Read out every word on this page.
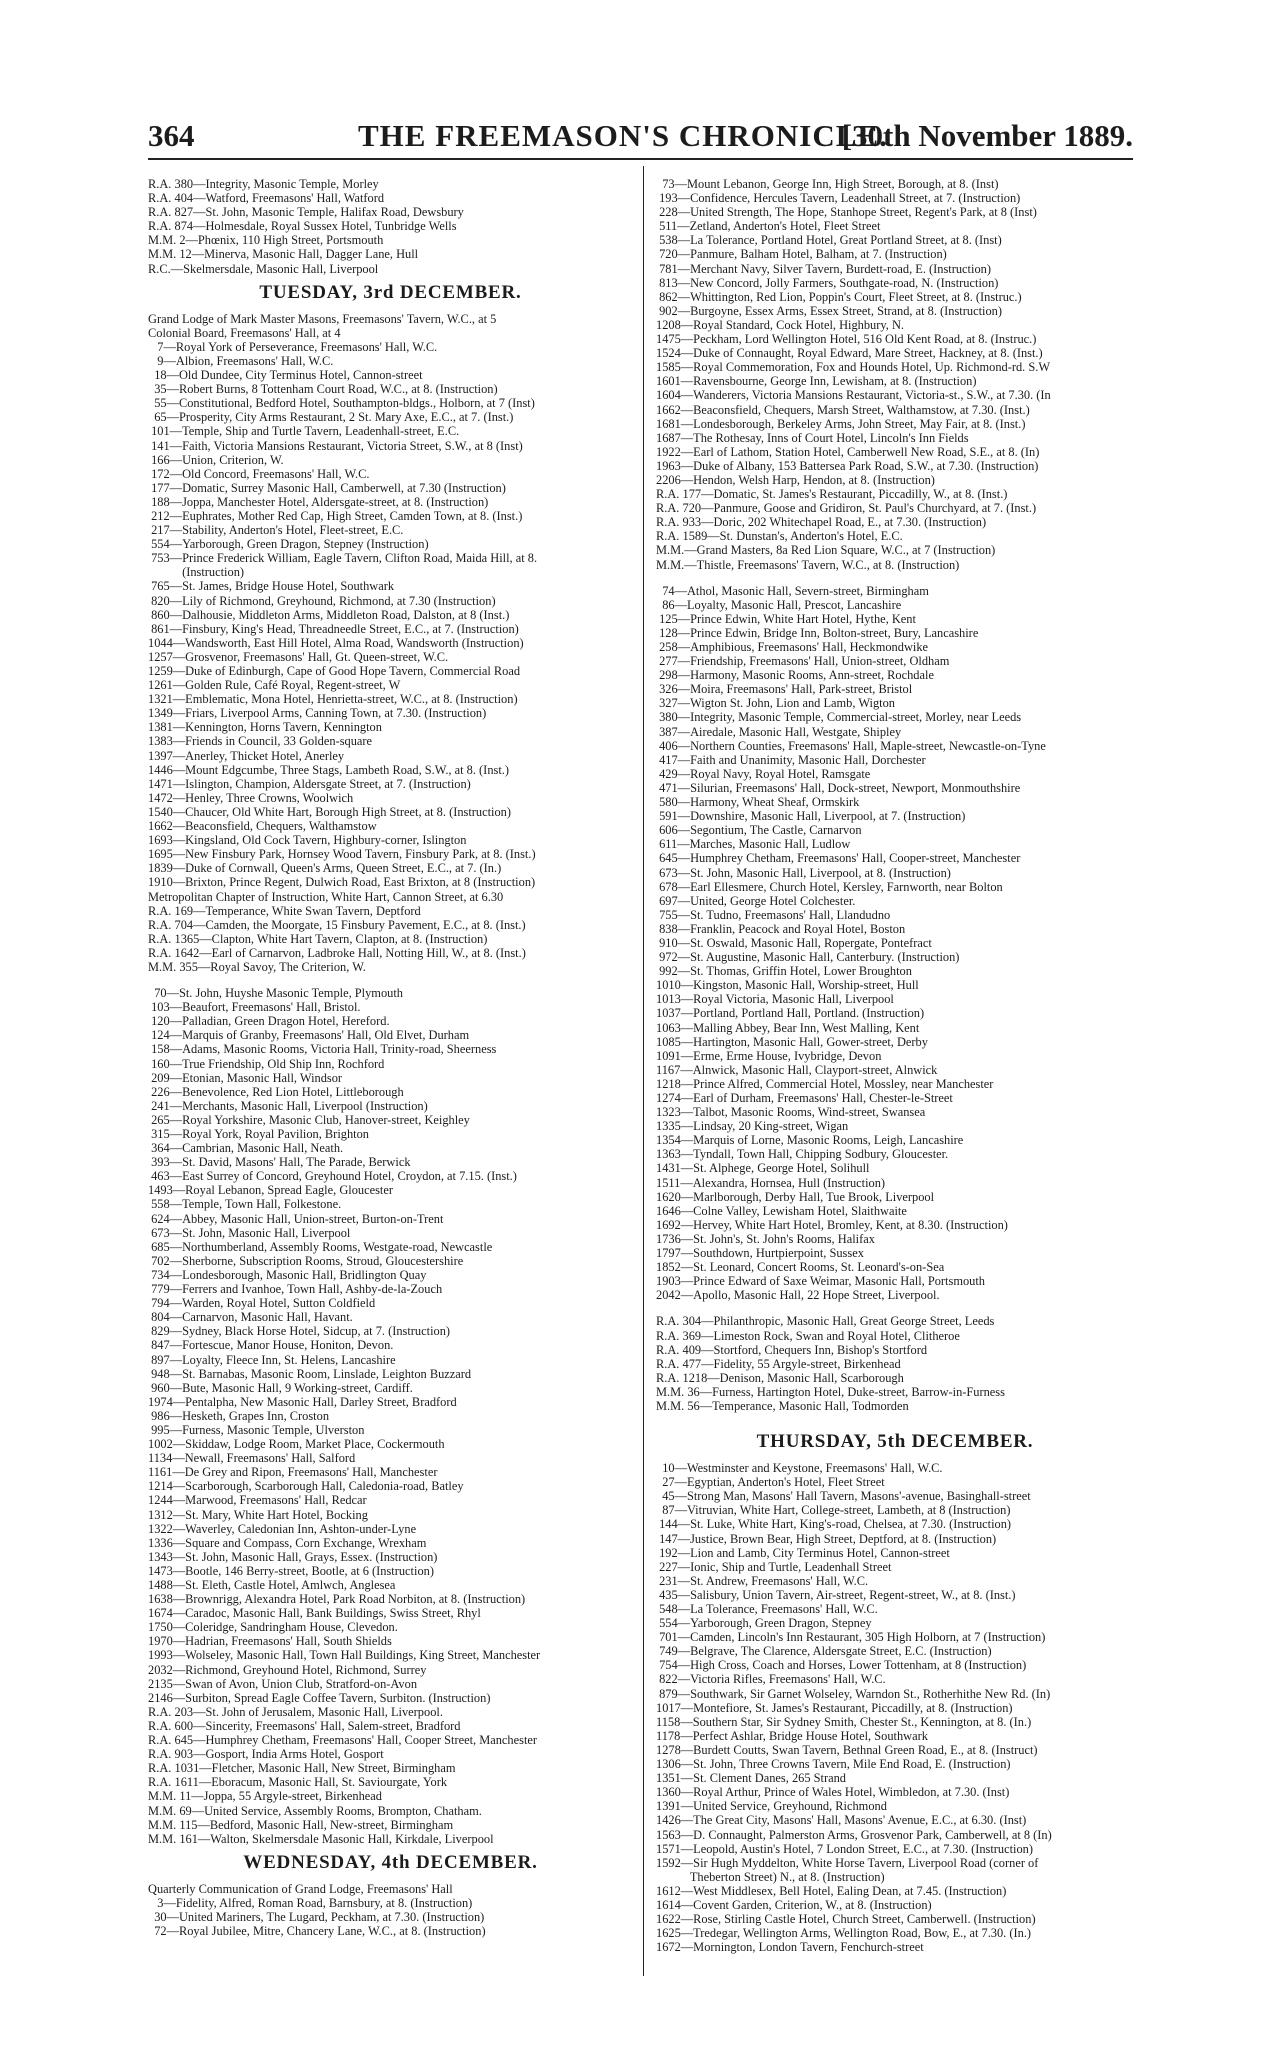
364	THE FREEMASON'S CHRONICLE.
[30th November 1889.
R.A. 380—Integrity, Masonic Temple, Morley
R.A. 404—Watford, Freemasons' Hall, Watford
R.A. 827—St. John, Masonic Temple, Halifax Road, Dewsbury
R.A. 874—Holmesdale, Royal Sussex Hotel, Tunbridge Wells
M.M. 2—Phœnix, 110 High Street, Portsmouth
M.M. 12—Minerva, Masonic Hall, Dagger Lane, Hull
R.C.—Skelmersdale, Masonic Hall, Liverpool
TUESDAY, 3rd DECEMBER.
Grand Lodge of Mark Master Masons, Freemasons' Tavern, W.C., at 5
Colonial Board, Freemasons' Hall, at 4
7—Royal York of Perseverance, Freemasons' Hall, W.C.
9—Albion, Freemasons' Hall, W.C.
18—Old Dundee, City Terminus Hotel, Cannon-street
35—Robert Burns, 8 Tottenham Court Road, W.C., at 8. (Instruction)
55—Constitutional, Bedford Hotel, Southampton-bldgs., Holborn, at 7 (Inst)
65—Prosperity, City Arms Restaurant, 2 St. Mary Axe, E.C., at 7. (Inst.)
101—Temple, Ship and Turtle Tavern, Leadenhall-street, E.C.
141—Faith, Victoria Mansions Restaurant, Victoria Street, S.W., at 8 (Inst)
166—Union, Criterion, W.
172—Old Concord, Freemasons' Hall, W.C.
177—Domatic, Surrey Masonic Hall, Camberwell, at 7.30 (Instruction)
188—Joppa, Manchester Hotel, Aldersgate-street, at 8. (Instruction)
212—Euphrates, Mother Red Cap, High Street, Camden Town, at 8. (Inst.)
217—Stability, Anderton's Hotel, Fleet-street, E.C.
554—Yarborough, Green Dragon, Stepney (Instruction)
753—Prince Frederick William, Eagle Tavern, Clifton Road, Maida Hill, at 8.
(Instruction)
765—St. James, Bridge House Hotel, Southwark
820—Lily of Richmond, Greyhound, Richmond, at 7.30 (Instruction)
860—Dalhousie, Middleton Arms, Middleton Road, Dalston, at 8 (Inst.)
861—Finsbury, King's Head, Threadneedle Street, E.C., at 7. (Instruction)
1044—Wandsworth, East Hill Hotel, Alma Road, Wandsworth (Instruction)
1257—Grosvenor, Freemasons' Hall, Gt. Queen-street, W.C.
1259—Duke of Edinburgh, Cape of Good Hope Tavern, Commercial Road
1261—Golden Rule, Café Royal, Regent-street, W
1321—Emblematic, Mona Hotel, Henrietta-street, W.C., at 8. (Instruction)
1349—Friars, Liverpool Arms, Canning Town, at 7.30. (Instruction)
1381—Kennington, Horns Tavern, Kennington
1383—Friends in Council, 33 Golden-square
1397—Anerley, Thicket Hotel, Anerley
1446—Mount Edgcumbe, Three Stags, Lambeth Road, S.W., at 8. (Inst.)
1471—Islington, Champion, Aldersgate Street, at 7. (Instruction)
1472—Henley, Three Crowns, Woolwich
1540—Chaucer, Old White Hart, Borough High Street, at 8. (Instruction)
1662—Beaconsfield, Chequers, Walthamstow
1693—Kingsland, Old Cock Tavern, Highbury-corner, Islington
1695—New Finsbury Park, Hornsey Wood Tavern, Finsbury Park, at 8. (Inst.)
1839—Duke of Cornwall, Queen's Arms, Queen Street, E.C., at 7. (In.)
1910—Brixton, Prince Regent, Dulwich Road, East Brixton, at 8 (Instruction)
Metropolitan Chapter of Instruction, White Hart, Cannon Street, at 6.30
R.A. 169—Temperance, White Swan Tavern, Deptford
R.A. 704—Camden, the Moorgate, 15 Finsbury Pavement, E.C., at 8. (Inst.)
R.A. 1365—Clapton, White Hart Tavern, Clapton, at 8. (Instruction)
R.A. 1642—Earl of Carnarvon, Ladbroke Hall, Notting Hill, W., at 8. (Inst.)
M.M. 355—Royal Savoy, The Criterion, W.
70—St. John, Huyshe Masonic Temple, Plymouth
103—Beaufort, Freemasons' Hall, Bristol.
120—Palladian, Green Dragon Hotel, Hereford.
124—Marquis of Granby, Freemasons' Hall, Old Elvet, Durham
158—Adams, Masonic Rooms, Victoria Hall, Trinity-road, Sheerness
160—True Friendship, Old Ship Inn, Rochford
209—Etonian, Masonic Hall, Windsor
226—Benevolence, Red Lion Hotel, Littleborough
241—Merchants, Masonic Hall, Liverpool (Instruction)
265—Royal Yorkshire, Masonic Club, Hanover-street, Keighley
315—Royal York, Royal Pavilion, Brighton
364—Cambrian, Masonic Hall, Neath.
393—St. David, Masons' Hall, The Parade, Berwick
463—East Surrey of Concord, Greyhound Hotel, Croydon, at 7.15. (Inst.)
1493—Royal Lebanon, Spread Eagle, Gloucester
558—Temple, Town Hall, Folkestone.
624—Abbey, Masonic Hall, Union-street, Burton-on-Trent
673—St. John, Masonic Hall, Liverpool
685—Northumberland, Assembly Rooms, Westgate-road, Newcastle
702—Sherborne, Subscription Rooms, Stroud, Gloucestershire
734—Londesborough, Masonic Hall, Bridlington Quay
779—Ferrers and Ivanhoe, Town Hall, Ashby-de-la-Zouch
794—Warden, Royal Hotel, Sutton Coldfield
804—Carnarvon, Masonic Hall, Havant.
829—Sydney, Black Horse Hotel, Sidcup, at 7. (Instruction)
847—Fortescue, Manor House, Honiton, Devon.
897—Loyalty, Fleece Inn, St. Helens, Lancashire
948—St. Barnabas, Masonic Room, Linslade, Leighton Buzzard
960—Bute, Masonic Hall, 9 Working-street, Cardiff.
1974—Pentalpha, New Masonic Hall, Darley Street, Bradford
986—Hesketh, Grapes Inn, Croston
995—Furness, Masonic Temple, Ulverston
1002—Skiddaw, Lodge Room, Market Place, Cockermouth
1134—Newall, Freemasons' Hall, Salford
1161—De Grey and Ripon, Freemasons' Hall, Manchester
1214—Scarborough, Scarborough Hall, Caledonia-road, Batley
1244—Marwood, Freemasons' Hall, Redcar
1312—St. Mary, White Hart Hotel, Bocking
1322—Waverley, Caledonian Inn, Ashton-under-Lyne
1336—Square and Compass, Corn Exchange, Wrexham
1343—St. John, Masonic Hall, Grays, Essex. (Instruction)
1473—Bootle, 146 Berry-street, Bootle, at 6 (Instruction)
1488—St. Eleth, Castle Hotel, Amlwch, Anglesea
1638—Brownrigg, Alexandra Hotel, Park Road Norbiton, at 8. (Instruction)
1674—Caradoc, Masonic Hall, Bank Buildings, Swiss Street, Rhyl
1750—Coleridge, Sandringham House, Clevedon.
1970—Hadrian, Freemasons' Hall, South Shields
1993—Wolseley, Masonic Hall, Town Hall Buildings, King Street, Manchester
2032—Richmond, Greyhound Hotel, Richmond, Surrey
2135—Swan of Avon, Union Club, Stratford-on-Avon
2146—Surbiton, Spread Eagle Coffee Tavern, Surbiton. (Instruction)
R.A. 203—St. John of Jerusalem, Masonic Hall, Liverpool.
R.A. 600—Sincerity, Freemasons' Hall, Salem-street, Bradford
R.A. 645—Humphrey Chetham, Freemasons' Hall, Cooper Street, Manchester
R.A. 903—Gosport, India Arms Hotel, Gosport
R.A. 1031—Fletcher, Masonic Hall, New Street, Birmingham
R.A. 1611—Eboracum, Masonic Hall, St. Saviourgate, York
M.M. 11—Joppa, 55 Argyle-street, Birkenhead
M.M. 69—United Service, Assembly Rooms, Brompton, Chatham.
M.M. 115—Bedford, Masonic Hall, New-street, Birmingham
M.M. 161—Walton, Skelmersdale Masonic Hall, Kirkdale, Liverpool
WEDNESDAY, 4th DECEMBER.
Quarterly Communication of Grand Lodge, Freemasons' Hall
3—Fidelity, Alfred, Roman Road, Barnsbury, at 8. (Instruction)
30—United Mariners, The Lugard, Peckham, at 7.30. (Instruction)
72—Royal Jubilee, Mitre, Chancery Lane, W.C., at 8. (Instruction)
73—Mount Lebanon, George Inn, High Street, Borough, at 8. (Inst)
193—Confidence, Hercules Tavern, Leadenhall Street, at 7. (Instruction)
228—United Strength, The Hope, Stanhope Street, Regent's Park, at 8 (Inst)
511—Zetland, Anderton's Hotel, Fleet Street
538—La Tolerance, Portland Hotel, Great Portland Street, at 8. (Inst)
720—Panmure, Balham Hotel, Balham, at 7. (Instruction)
781—Merchant Navy, Silver Tavern, Burdett-road, E. (Instruction)
813—New Concord, Jolly Farmers, Southgate-road, N. (Instruction)
862—Whittington, Red Lion, Poppin's Court, Fleet Street, at 8. (Instruc.)
902—Burgoyne, Essex Arms, Essex Street, Strand, at 8. (Instruction)
1208—Royal Standard, Cock Hotel, Highbury, N.
1475—Peckham, Lord Wellington Hotel, 516 Old Kent Road, at 8. (Instruc.)
1524—Duke of Connaught, Royal Edward, Mare Street, Hackney, at 8. (Inst.)
1585—Royal Commemoration, Fox and Hounds Hotel, Up. Richmond-rd. S.W
1601—Ravensbourne, George Inn, Lewisham, at 8. (Instruction)
1604—Wanderers, Victoria Mansions Restaurant, Victoria-st., S.W., at 7.30. (In
1662—Beaconsfield, Chequers, Marsh Street, Walthamstow, at 7.30. (Inst.)
1681—Londesborough, Berkeley Arms, John Street, May Fair, at 8. (Inst.)
1687—The Rothesay, Inns of Court Hotel, Lincoln's Inn Fields
1922—Earl of Lathom, Station Hotel, Camberwell New Road, S.E., at 8. (In)
1963—Duke of Albany, 153 Battersea Park Road, S.W., at 7.30. (Instruction)
2206—Hendon, Welsh Harp, Hendon, at 8. (Instruction)
R.A. 177—Domatic, St. James's Restaurant, Piccadilly, W., at 8. (Inst.)
R.A. 720—Panmure, Goose and Gridiron, St. Paul's Churchyard, at 7. (Inst.)
R.A. 933—Doric, 202 Whitechapel Road, E., at 7.30. (Instruction)
R.A. 1589—St. Dunstan's, Anderton's Hotel, E.C.
M.M.—Grand Masters, 8a Red Lion Square, W.C., at 7 (Instruction)
M.M.—Thistle, Freemasons' Tavern, W.C., at 8. (Instruction)
74—Athol, Masonic Hall, Severn-street, Birmingham
86—Loyalty, Masonic Hall, Prescot, Lancashire
125—Prince Edwin, White Hart Hotel, Hythe, Kent
128—Prince Edwin, Bridge Inn, Bolton-street, Bury, Lancashire
258—Amphibious, Freemasons' Hall, Heckmondwike
277—Friendship, Freemasons' Hall, Union-street, Oldham
298—Harmony, Masonic Rooms, Ann-street, Rochdale
326—Moira, Freemasons' Hall, Park-street, Bristol
327—Wigton St. John, Lion and Lamb, Wigton
380—Integrity, Masonic Temple, Commercial-street, Morley, near Leeds
387—Airedale, Masonic Hall, Westgate, Shipley
406—Northern Counties, Freemasons' Hall, Maple-street, Newcastle-on-Tyne
417—Faith and Unanimity, Masonic Hall, Dorchester
429—Royal Navy, Royal Hotel, Ramsgate
471—Silurian, Freemasons' Hall, Dock-street, Newport, Monmouthshire
580—Harmony, Wheat Sheaf, Ormskirk
591—Downshire, Masonic Hall, Liverpool, at 7. (Instruction)
606—Segontium, The Castle, Carnarvon
611—Marches, Masonic Hall, Ludlow
645—Humphrey Chetham, Freemasons' Hall, Cooper-street, Manchester
673—St. John, Masonic Hall, Liverpool, at 8. (Instruction)
678—Earl Ellesmere, Church Hotel, Kersley, Farnworth, near Bolton
697—United, George Hotel Colchester.
755—St. Tudno, Freemasons' Hall, Llandudno
838—Franklin, Peacock and Royal Hotel, Boston
910—St. Oswald, Masonic Hall, Ropergate, Pontefract
972—St. Augustine, Masonic Hall, Canterbury. (Instruction)
992—St. Thomas, Griffin Hotel, Lower Broughton
1010—Kingston, Masonic Hall, Worship-street, Hull
1013—Royal Victoria, Masonic Hall, Liverpool
1037—Portland, Portland Hall, Portland. (Instruction)
1063—Malling Abbey, Bear Inn, West Malling, Kent
1085—Hartington, Masonic Hall, Gower-street, Derby
1091—Erme, Erme House, Ivybridge, Devon
1167—Alnwick, Masonic Hall, Clayport-street, Alnwick
1218—Prince Alfred, Commercial Hotel, Mossley, near Manchester
1274—Earl of Durham, Freemasons' Hall, Chester-le-Street
1323—Talbot, Masonic Rooms, Wind-street, Swansea
1335—Lindsay, 20 King-street, Wigan
1354—Marquis of Lorne, Masonic Rooms, Leigh, Lancashire
1363—Tyndall, Town Hall, Chipping Sodbury, Gloucester.
1431—St. Alphege, George Hotel, Solihull
1511—Alexandra, Hornsea, Hull (Instruction)
1620—Marlborough, Derby Hall, Tue Brook, Liverpool
1646—Colne Valley, Lewisham Hotel, Slaithwaite
1692—Hervey, White Hart Hotel, Bromley, Kent, at 8.30. (Instruction)
1736—St. John's, St. John's Rooms, Halifax
1797—Southdown, Hurtpierpoint, Sussex
1852—St. Leonard, Concert Rooms, St. Leonard's-on-Sea
1903—Prince Edward of Saxe Weimar, Masonic Hall, Portsmouth
2042—Apollo, Masonic Hall, 22 Hope Street, Liverpool.
R.A. 304—Philanthropic, Masonic Hall, Great George Street, Leeds
R.A. 369—Limeston Rock, Swan and Royal Hotel, Clitheroe
R.A. 409—Stortford, Chequers Inn, Bishop's Stortford
R.A. 477—Fidelity, 55 Argyle-street, Birkenhead
R.A. 1218—Denison, Masonic Hall, Scarborough
M.M. 36—Furness, Hartington Hotel, Duke-street, Barrow-in-Furness
M.M. 56—Temperance, Masonic Hall, Todmorden
THURSDAY, 5th DECEMBER.
10—Westminster and Keystone, Freemasons' Hall, W.C.
27—Egyptian, Anderton's Hotel, Fleet Street
45—Strong Man, Masons' Hall Tavern, Masons'-avenue, Basinghall-street
87—Vitruvian, White Hart, College-street, Lambeth, at 8 (Instruction)
144—St. Luke, White Hart, King's-road, Chelsea, at 7.30. (Instruction)
147—Justice, Brown Bear, High Street, Deptford, at 8. (Instruction)
192—Lion and Lamb, City Terminus Hotel, Cannon-street
227—Ionic, Ship and Turtle, Leadenhall Street
231—St. Andrew, Freemasons' Hall, W.C.
435—Salisbury, Union Tavern, Air-street, Regent-street, W., at 8. (Inst.)
548—La Tolerance, Freemasons' Hall, W.C.
554—Yarborough, Green Dragon, Stepney
701—Camden, Lincoln's Inn Restaurant, 305 High Holborn, at 7 (Instruction)
749—Belgrave, The Clarence, Aldersgate Street, E.C. (Instruction)
754—High Cross, Coach and Horses, Lower Tottenham, at 8 (Instruction)
822—Victoria Rifles, Freemasons' Hall, W.C.
879—Southwark, Sir Garnet Wolseley, Warndon St., Rotherhithe New Rd. (In)
1017—Montefiore, St. James's Restaurant, Piccadilly, at 8. (Instruction)
1158—Southern Star, Sir Sydney Smith, Chester St., Kennington, at 8. (In.)
1178—Perfect Ashlar, Bridge House Hotel, Southwark
1278—Burdett Coutts, Swan Tavern, Bethnal Green Road, E., at 8. (Instruct)
1306—St. John, Three Crowns Tavern, Mile End Road, E. (Instruction)
1351—St. Clement Danes, 265 Strand
1360—Royal Arthur, Prince of Wales Hotel, Wimbledon, at 7.30. (Inst)
1391—United Service, Greyhound, Richmond
1426—The Great City, Masons' Hall, Masons' Avenue, E.C., at 6.30. (Inst)
1563—D. Connaught, Palmerston Arms, Grosvenor Park, Camberwell, at 8 (In)
1571—Leopold, Austin's Hotel, 7 London Street, E.C., at 7.30. (Instruction)
1592—Sir Hugh Myddelton, White Horse Tavern, Liverpool Road (corner of
Theberton Street) N., at 8. (Instruction)
1612—West Middlesex, Bell Hotel, Ealing Dean, at 7.45. (Instruction)
1614—Covent Garden, Criterion, W., at 8. (Instruction)
1622—Rose, Stirling Castle Hotel, Church Street, Camberwell. (Instruction)
1625—Tredegar, Wellington Arms, Wellington Road, Bow, E., at 7.30. (In.)
1672—Mornington, London Tavern, Fenchurch-street
